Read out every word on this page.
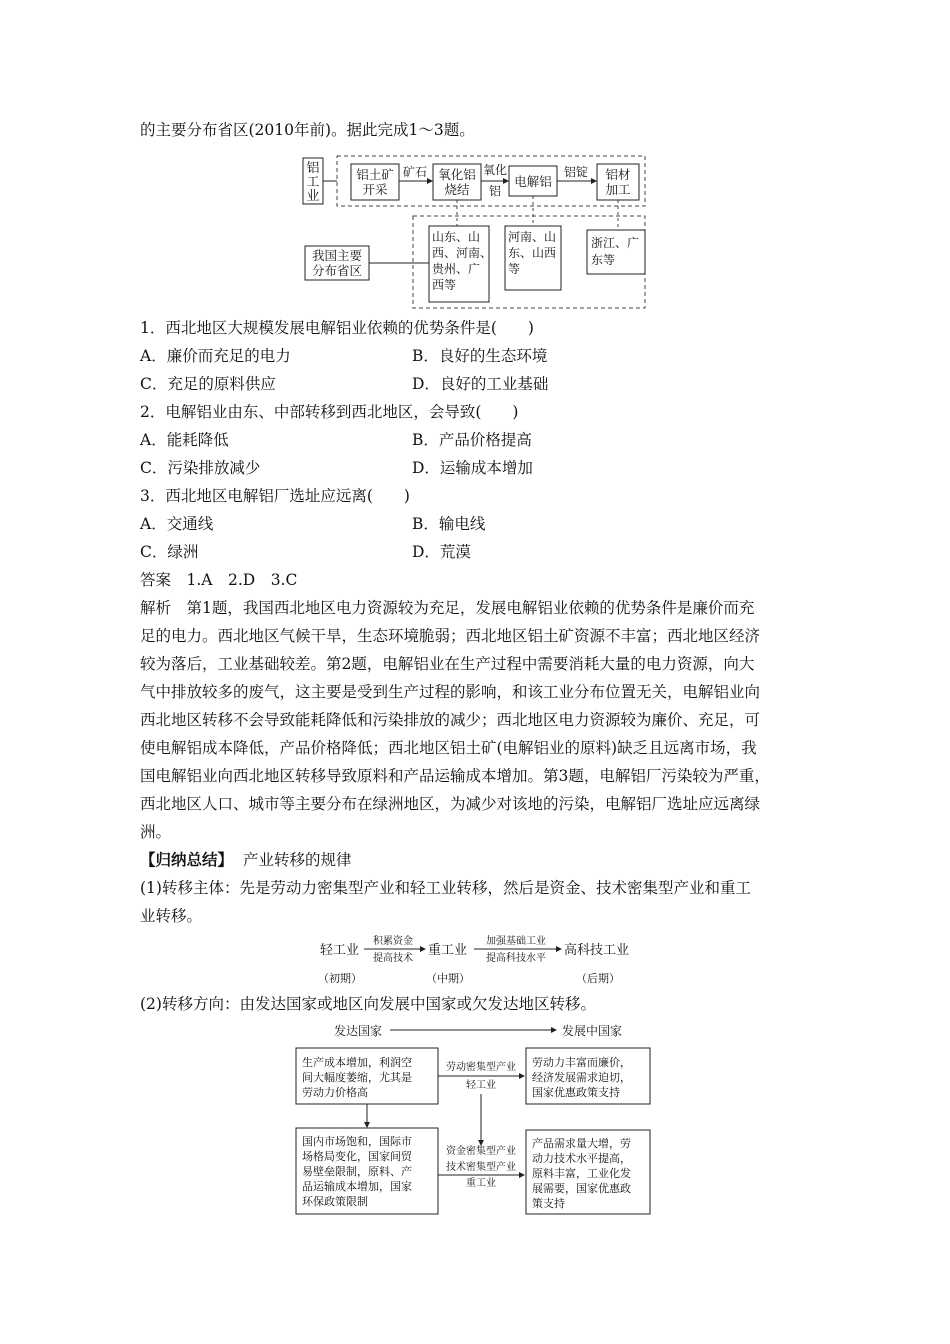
的主要分布省区(2010年前)。据此完成1～3题。
铝
工
业
铝土矿
开采
氧化铝
烧结
电解铝	铝材
加工
矿石	氧化
铝
铝锭
我国主要
分布省区
山东、山
西、河南、
贵州、广
西等
河南、山
东、山西
等
浙江、广
东等
1．西北地区大规模发展电解铝业依赖的优势条件是(　　)
A．廉价而充足的电力	B．良好的生态环境
C．充足的原料供应	D．良好的工业基础
2．电解铝业由东、中部转移到西北地区，会导致(　　)
A．能耗降低	B．产品价格提高
C．污染排放减少	D．运输成本增加
3．西北地区电解铝厂选址应远离(　　)
A．交通线	B．输电线
C．绿洲	D．荒漠
答案　1.A　2.D　3.C
解析　第1题，我国西北地区电力资源较为充足，发展电解铝业依赖的优势条件是廉价而充
足的电力。西北地区气候干旱，生态环境脆弱；西北地区铝土矿资源不丰富；西北地区经济
较为落后，工业基础较差。第2题，电解铝业在生产过程中需要消耗大量的电力资源，向大
气中排放较多的废气，这主要是受到生产过程的影响，和该工业分布位置无关，电解铝业向
西北地区转移不会导致能耗降低和污染排放的减少；西北地区电力资源较为廉价、充足，可
使电解铝成本降低，产品价格降低；西北地区铝土矿(电解铝业的原料)缺乏且远离市场，我
国电解铝业向西北地区转移导致原料和产品运输成本增加。第3题，电解铝厂污染较为严重，
西北地区人口、城市等主要分布在绿洲地区，为减少对该地的污染，电解铝厂选址应远离绿
洲。
【归纳总结】 产业转移的规律
(1)转移主体：先是劳动力密集型产业和轻工业转移，然后是资金、技术密集型产业和重工
业转移。
轻工业	重工业	高科技工业
积累资金
提高技术
加强基础工业
提高科技水平
（初期）	（中期）	（后期）
(2)转移方向：由发达国家或地区向发展中国家或欠发达地区转移。
发达国家	发展中国家
生产成本增加，利润空
间大幅度萎缩，尤其是
劳动力价格高
国内市场饱和，国际市
场格局变化，国家间贸
易壁垒限制，原料、产
品运输成本增加，国家
环保政策限制
劳动密集型产业
轻工业
资金密集型产业
技术密集型产业
重工业
劳动力丰富而廉价，
经济发展需求迫切，
国家优惠政策支持
产品需求量大增，劳
动力技术水平提高，
原料丰富，工业化发
展需要，国家优惠政
策支持
